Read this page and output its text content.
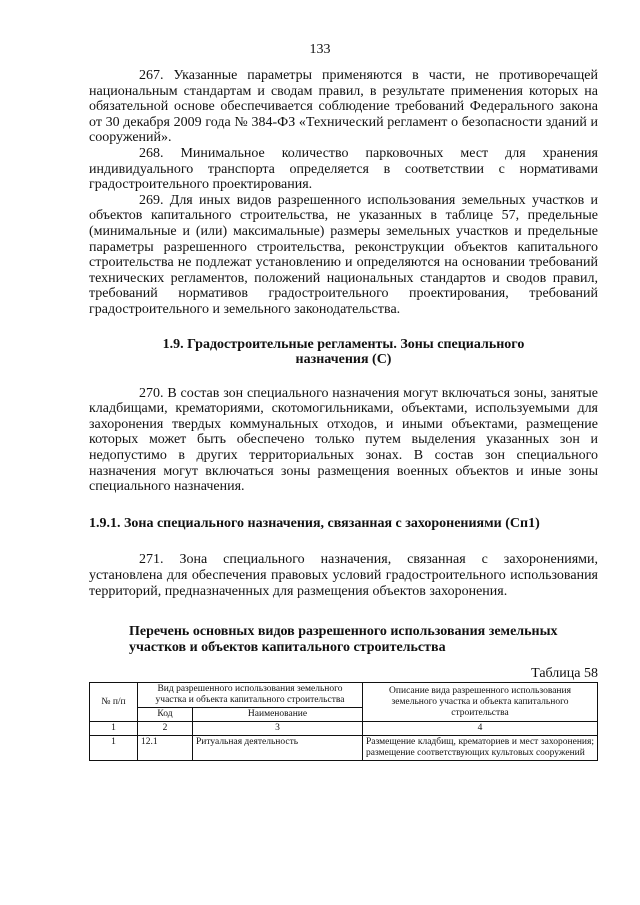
133

267. Указанные параметры применяются в части, не противоречащей национальным стандартам и сводам правил, в результате применения которых на обязательной основе обеспечивается соблюдение требований Федерального закона от 30 декабря 2009 года № 384-ФЗ «Технический регламент о безопасности зданий и сооружений».

268. Минимальное количество парковочных мест для хранения индивидуального транспорта определяется в соответствии с нормативами градостроительного проектирования.

269. Для иных видов разрешенного использования земельных участков и объектов капитального строительства, не указанных в таблице 57, предельные (минимальные и (или) максимальные) размеры земельных участков и предельные параметры разрешенного строительства, реконструкции объектов капитального строительства не подлежат установлению и определяются на основании требований технических регламентов, положений национальных стандартов и сводов правил, требований нормативов градостроительного проектирования, требований градостроительного и земельного законодательства.

1.9. Градостроительные регламенты. Зоны специального
назначения (С)

270. В состав зон специального назначения могут включаться зоны, занятые кладбищами, крематориями, скотомогильниками, объектами, используемыми для захоронения твердых коммунальных отходов, и иными объектами, размещение которых может быть обеспечено только путем выделения указанных зон и недопустимо в других территориальных зонах. В состав зон специального назначения могут включаться зоны размещения военных объектов и иные зоны специального назначения.

1.9.1. Зона специального назначения, связанная с захоронениями (Сп1)

271. Зона специального назначения, связанная с захоронениями, установлена для обеспечения правовых условий градостроительного использования территорий, предназначенных для размещения объектов захоронения.

Перечень основных видов разрешенного использования земельных участков и объектов капитального строительства
Таблица 58
№ п/п	Вид разрешенного использования земельного участка и объекта капитального строительства		Описание вида разрешенного использования земельного участка и объекта капитального строительства
	Код	Наименование	
1	2	3	4
1	12.1	Ритуальная деятельность	Размещение кладбищ, крематориев и мест захоронения; размещение соответствующих культовых сооружений
